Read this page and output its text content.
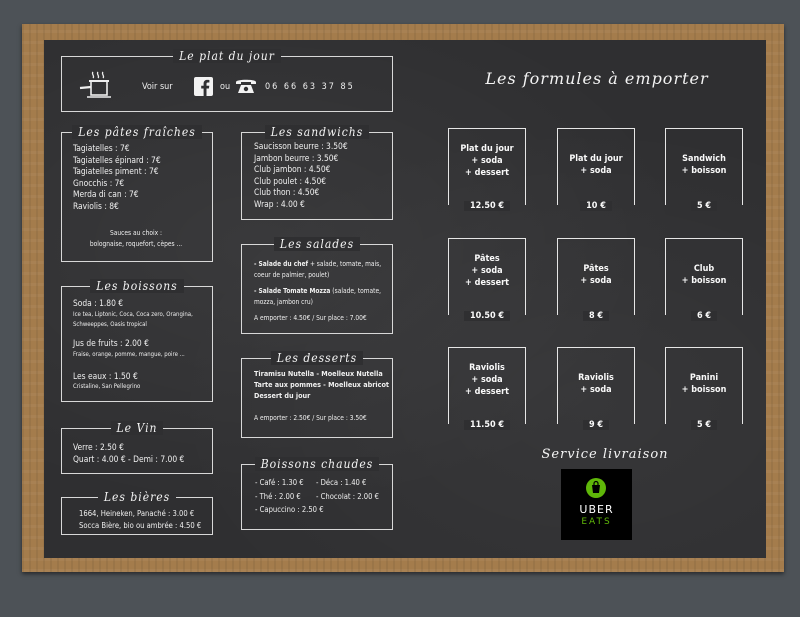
Le plat du jour
Voir sur	ou	06 66 63 37 85
Les pâtes fraîches
Tagiatelles : 7€
Tagiatelles épinard : 7€
Tagiatelles piment : 7€
Gnocchis : 7€
Merda di can : 7€
Raviolis : 8€
Sauces au choix :
bolognaise, roquefort, cèpes ...
Les boissons
Soda : 1.80 €
Ice tea, Liptonic, Coca, Coca zero, Orangina,
Schweeppes, Oasis tropical
Jus de fruits : 2.00 €
Fraise, orange, pomme, mangue, poire ...
Les eaux : 1.50 €
Cristaline, San Pellegrino
Le Vin
Verre : 2.50 €
Quart : 4.00 € - Demi : 7.00 €
Les bières
1664, Heineken, Panaché : 3.00 €
Socca Bière, bio ou ambrée : 4.50 €
Les sandwichs
Saucisson beurre : 3.50€
Jambon beurre : 3.50€
Club jambon : 4.50€
Club poulet : 4.50€
Club thon : 4.50€
Wrap : 4.00 €
Les salades
- Salade du chef + salade, tomate, mais,
coeur de palmier, poulet)
- Salade Tomate Mozza (salade, tomate,
mozza, jambon cru)
A emporter : 4.50€ / Sur place : 7.00€
Les desserts
Tiramisu Nutella - Moelleux Nutella
Tarte aux pommes - Moelleux abricot
Dessert du jour
A emporter : 2.50€ / Sur place : 3.50€
Boissons chaudes
- Café : 1.30 € - Déca : 1.40 €
- Thé : 2.00 € - Chocolat : 2.00 €
- Capuccino : 2.50 €
Les formules à emporter
Plat du jour
+ soda
+ dessert
12.50 €
Plat du jour
+ soda
10 €
Sandwich
+ boisson
5 €
Pâtes
+ soda
+ dessert
10.50 €
Pâtes
+ soda
8 €
Club
+ boisson
6 €
Raviolis
+ soda
+ dessert
11.50 €
Raviolis
+ soda
9 €
Panini
+ boisson
5 €
Service livraison
UBER
EATS
